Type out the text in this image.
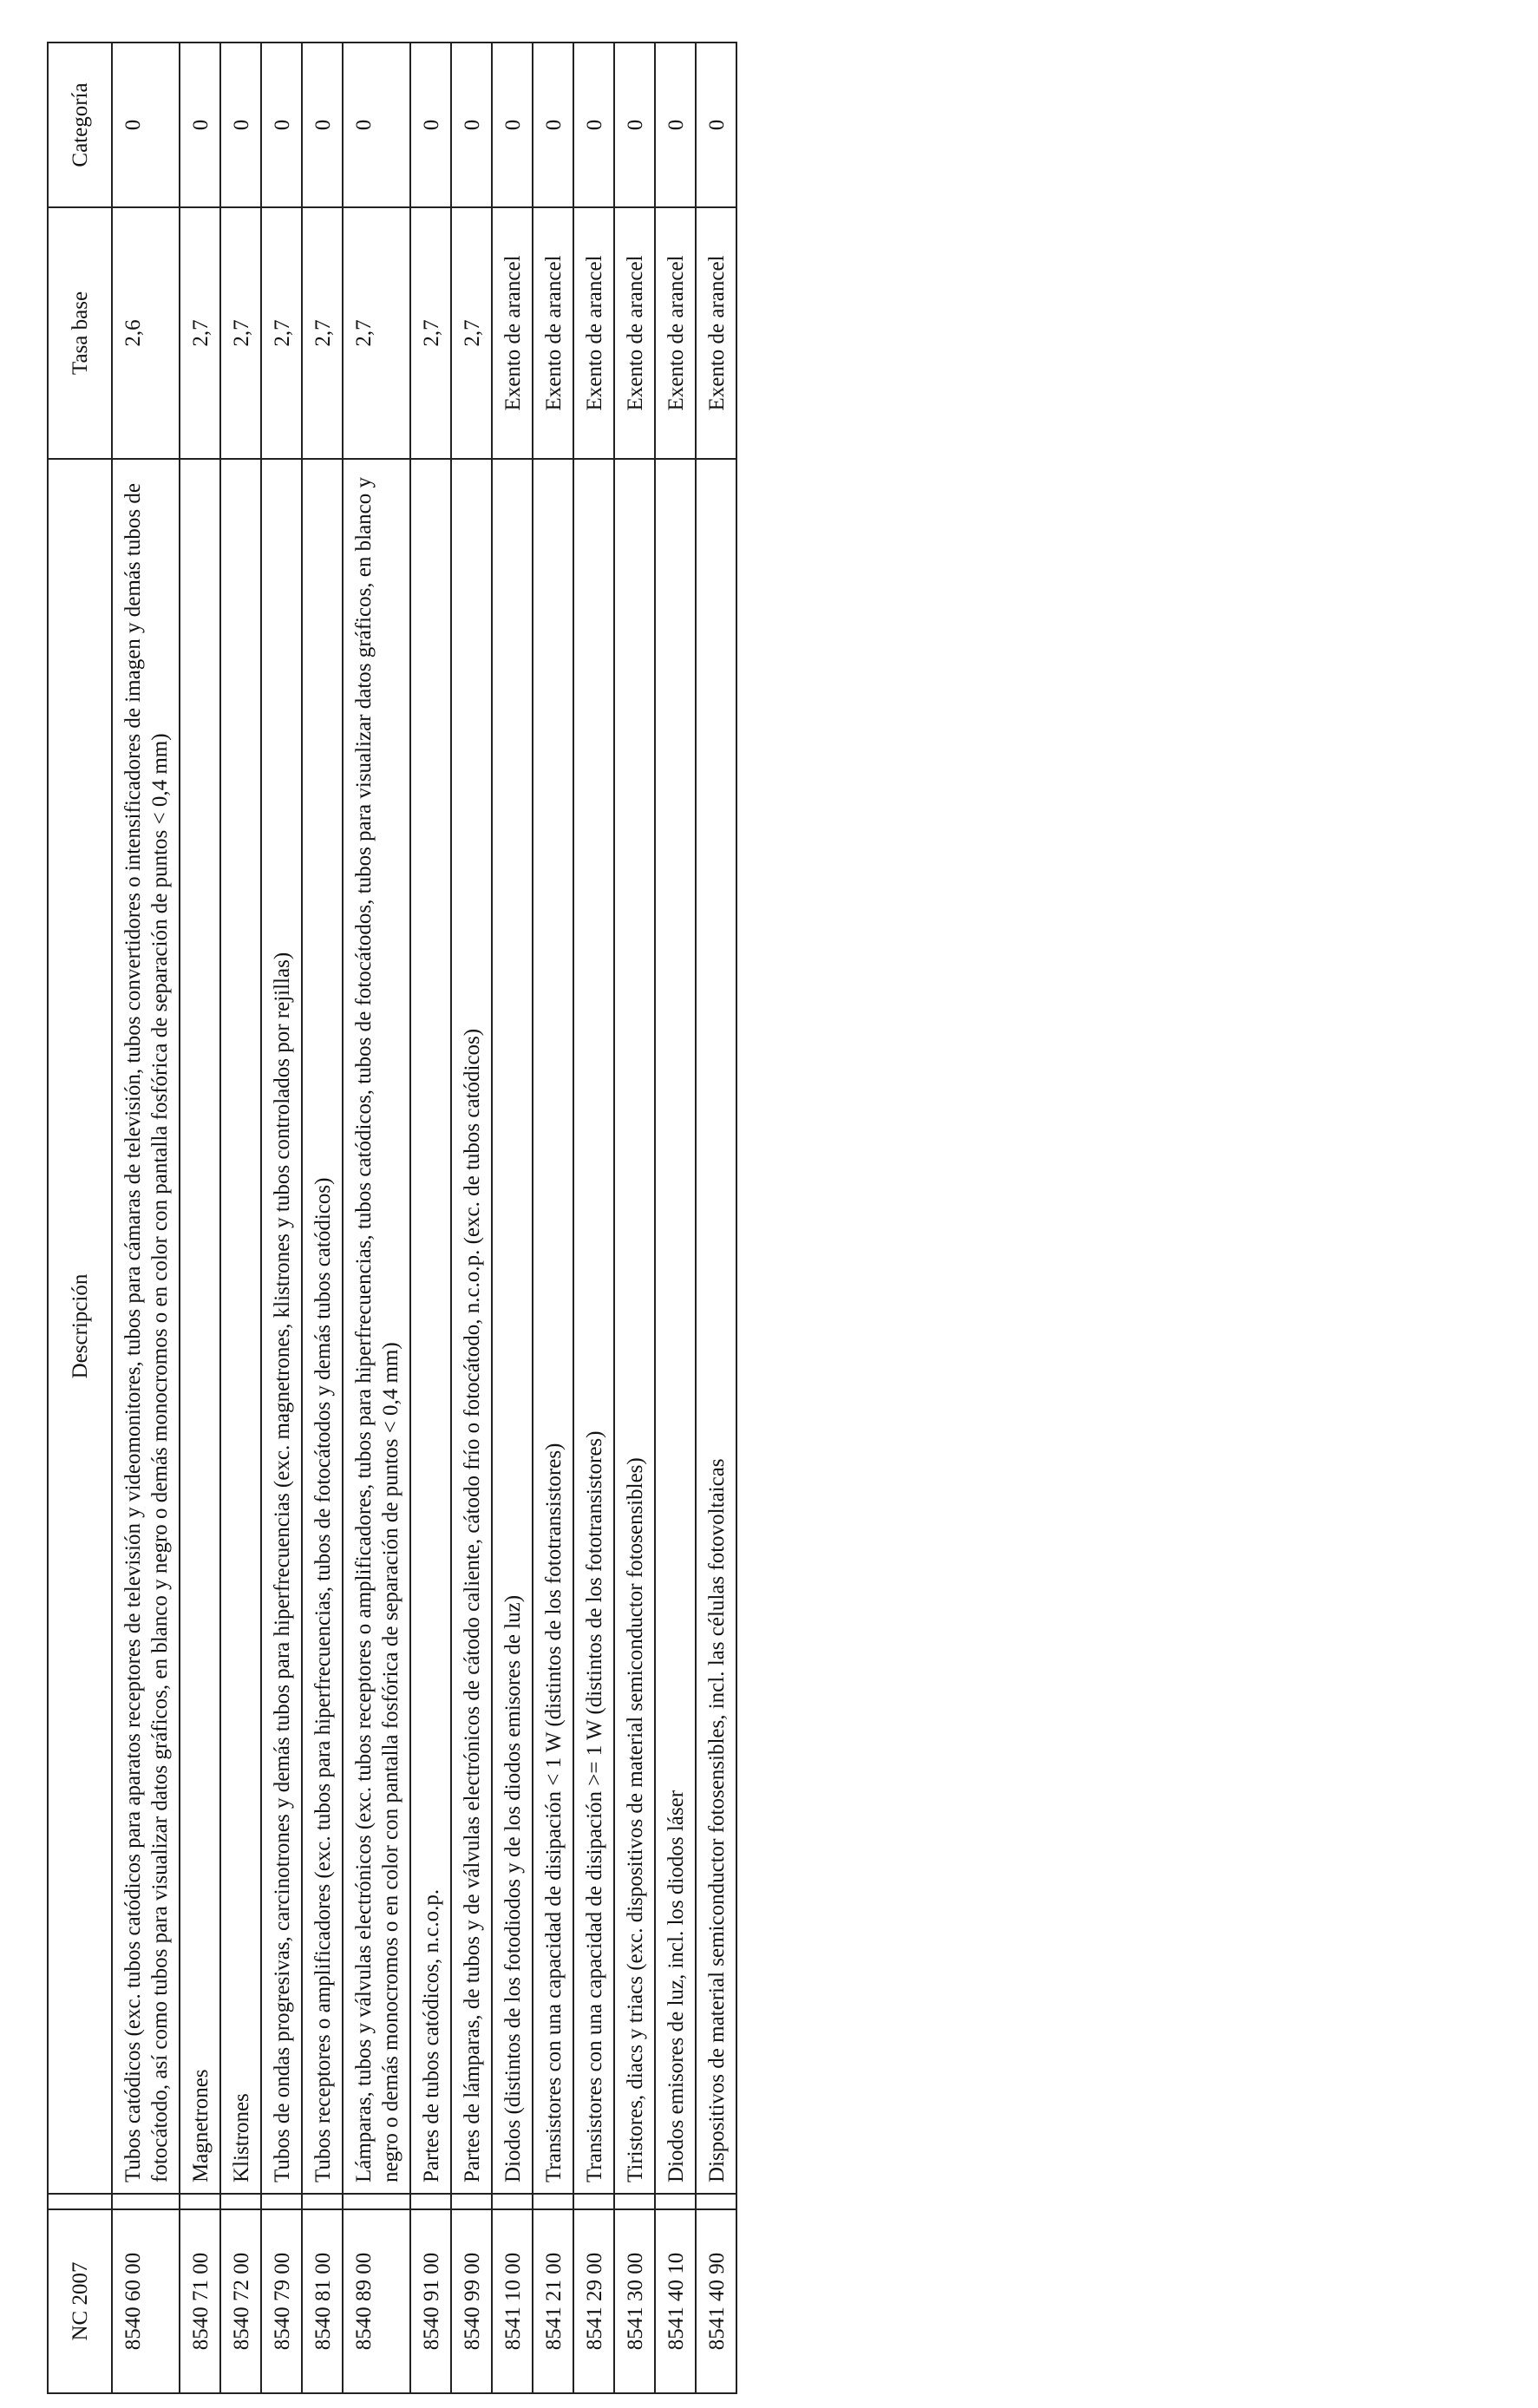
NC 2007		Descripción	Tasa base	Categoría
8540 60 00		Tubos catódicos (exc. tubos catódicos para aparatos receptores de televisión y videomonitores, tubos para cámaras de televisión, tubos convertidores o intensificadores de imagen y demás tubos de fotocátodo, así como tubos para visualizar datos gráficos, en blanco y negro o demás monocromos o en color con pantalla fosfórica de separación de puntos < 0,4 mm)	2,6	0
8540 71 00		Magnetrones	2,7	0
8540 72 00		Klistrones	2,7	0
8540 79 00		Tubos de ondas progresivas, carcinotrones y demás tubos para hiperfrecuencias (exc. magnetrones, klistrones y tubos controlados por rejillas)	2,7	0
8540 81 00		Tubos receptores o amplificadores (exc. tubos para hiperfrecuencias, tubos de fotocátodos y demás tubos catódicos)	2,7	0
8540 89 00		Lámparas, tubos y válvulas electrónicos (exc. tubos receptores o amplificadores, tubos para hiperfrecuencias, tubos catódicos, tubos de fotocátodos, tubos para visualizar datos gráficos, en blanco y negro o demás monocromos o en color con pantalla fosfórica de separación de puntos < 0,4 mm)	2,7	0
8540 91 00		Partes de tubos catódicos, n.c.o.p.	2,7	0
8540 99 00		Partes de lámparas, de tubos y de válvulas electrónicos de cátodo caliente, cátodo frío o fotocátodo, n.c.o.p. (exc. de tubos catódicos)	2,7	0
8541 10 00		Diodos (distintos de los fotodiodos y de los diodos emisores de luz)	Exento de arancel	0
8541 21 00		Transistores con una capacidad de disipación < 1 W (distintos de los fototransistores)	Exento de arancel	0
8541 29 00		Transistores con una capacidad de disipación >= 1 W (distintos de los fototransistores)	Exento de arancel	0
8541 30 00		Tiristores, diacs y triacs (exc. dispositivos de material semiconductor fotosensibles)	Exento de arancel	0
8541 40 10		Diodos emisores de luz, incl. los diodos láser	Exento de arancel	0
8541 40 90		Dispositivos de material semiconductor fotosensibles, incl. las células fotovoltaicas	Exento de arancel	0
